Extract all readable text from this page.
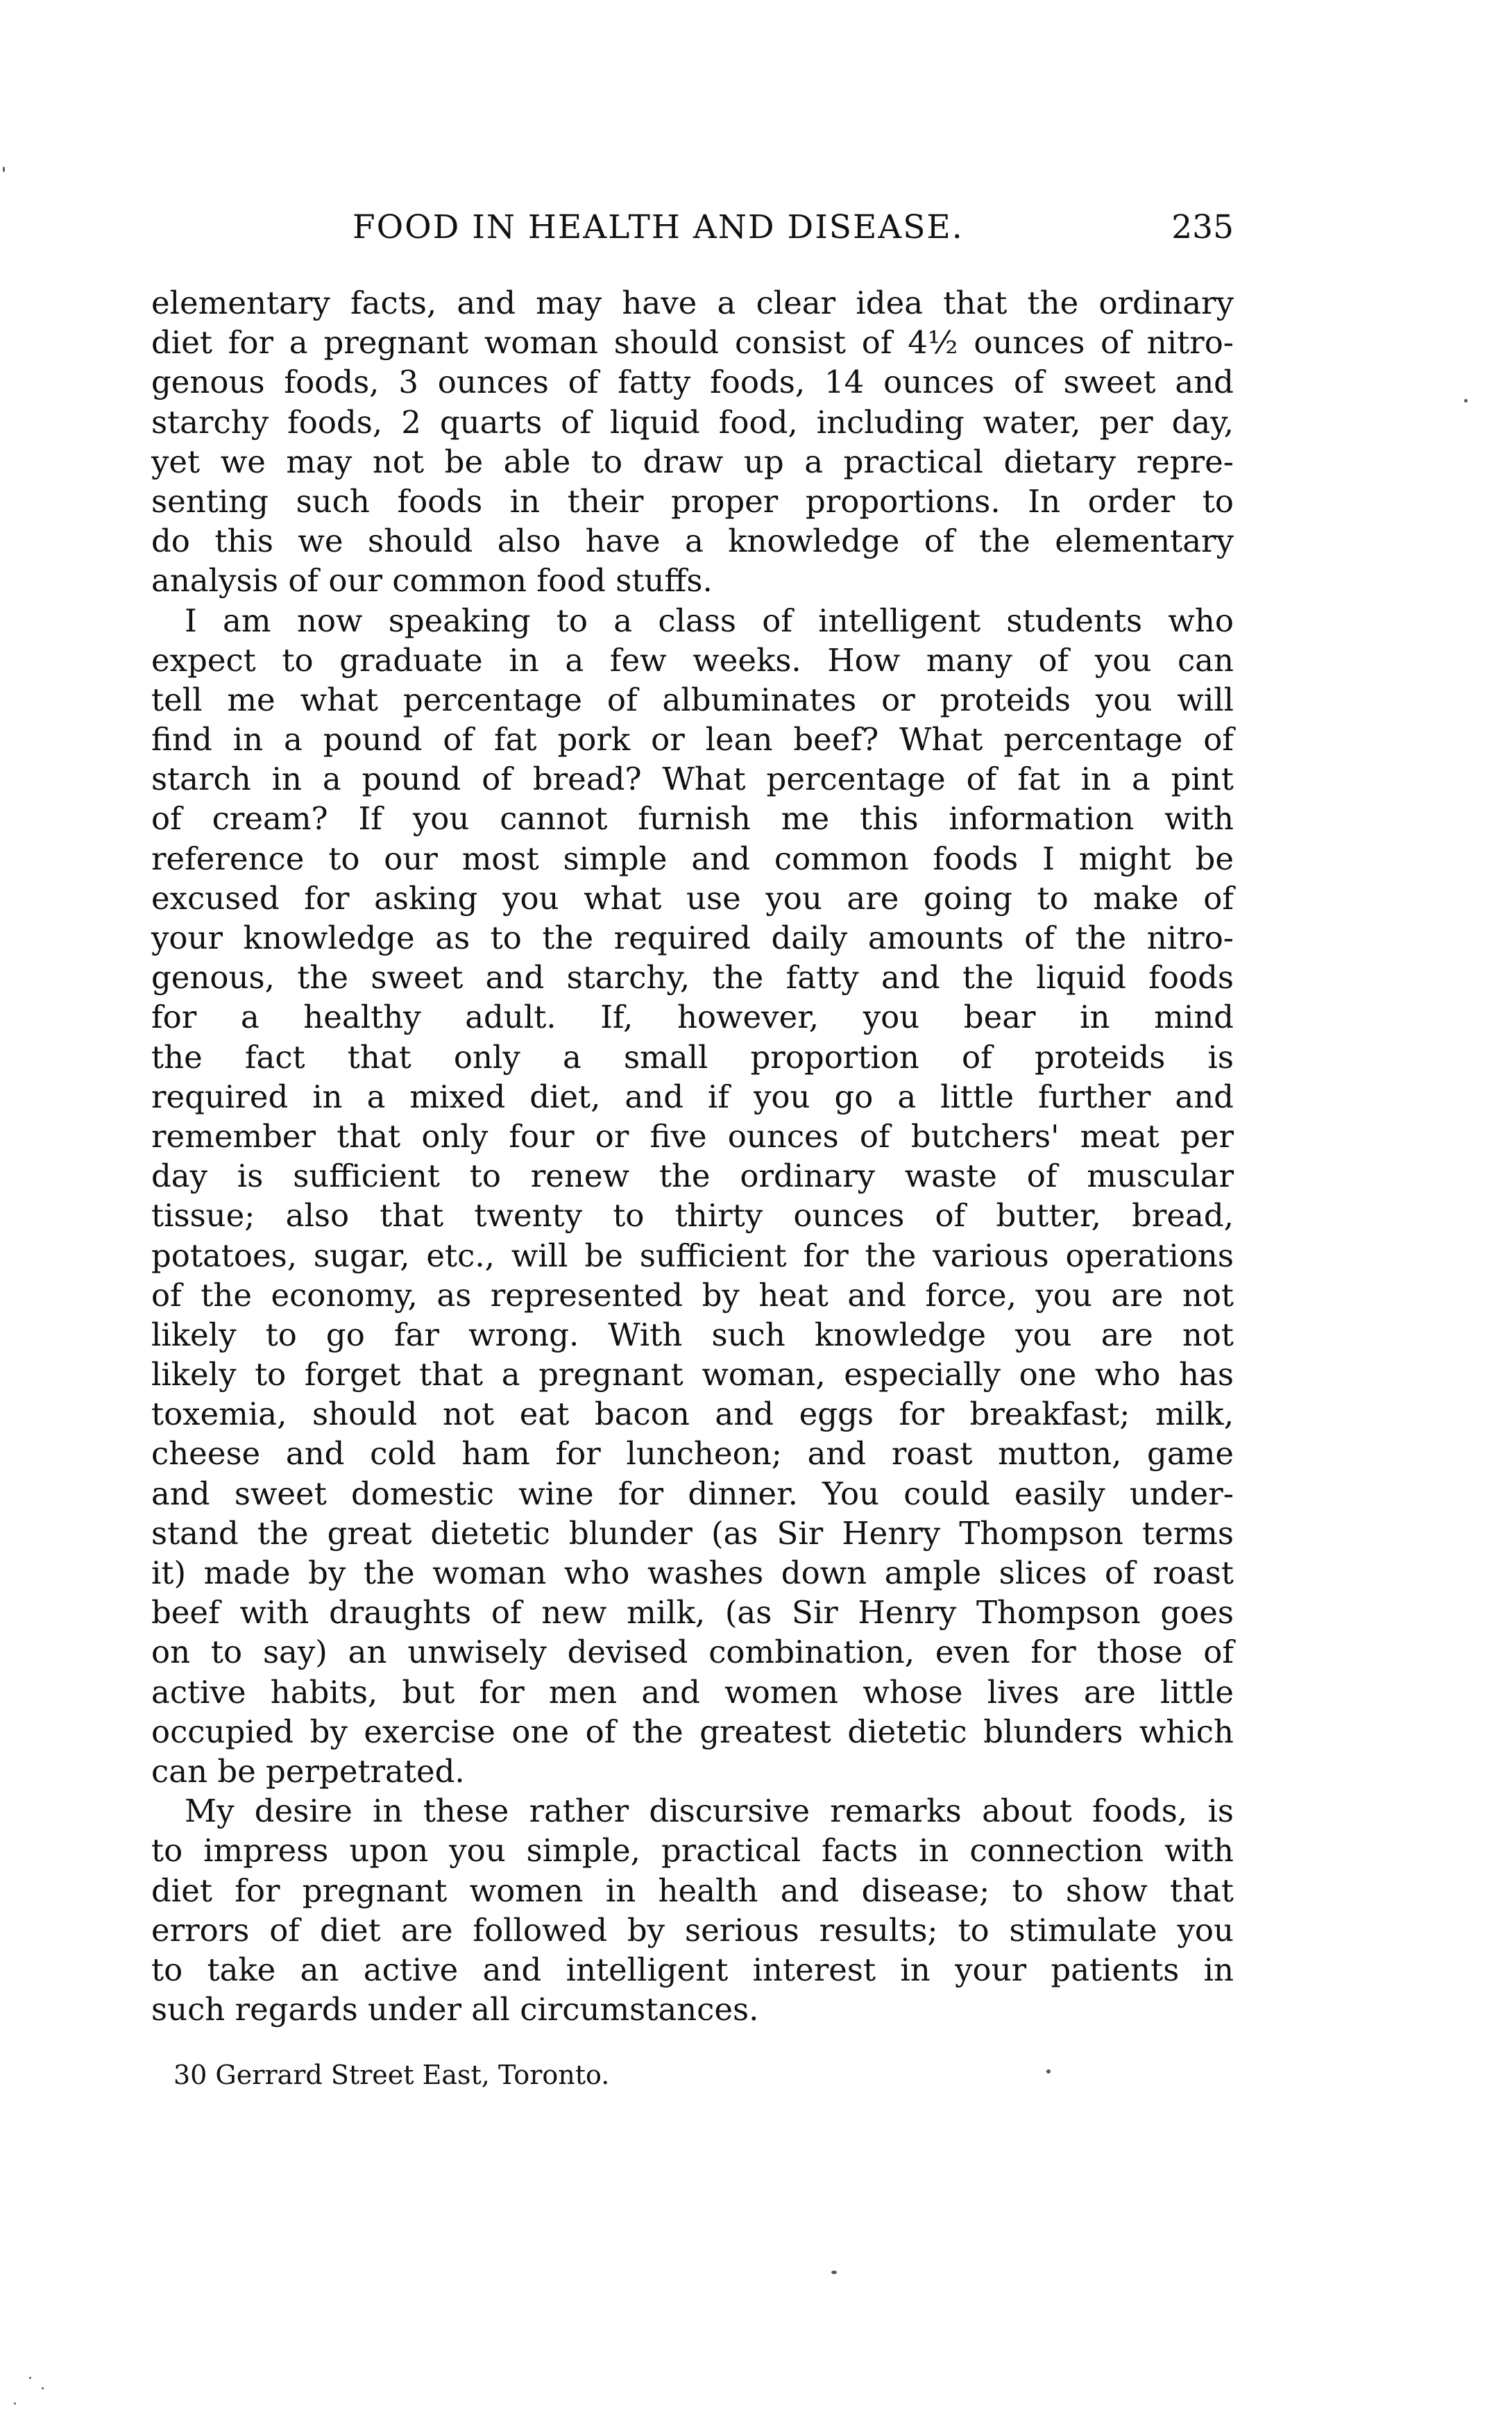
FOOD IN HEALTH AND DISEASE.	235
elementary facts, and may have a clear idea that the ordinary
diet for a pregnant woman should consist of 4½ ounces of nitro-
genous foods, 3 ounces of fatty foods, 14 ounces of sweet and
starchy foods, 2 quarts of liquid food, including water, per day,
yet we may not be able to draw up a practical dietary repre-
senting such foods in their proper proportions. In order to
do this we should also have a knowledge of the elementary
analysis of our common food stuffs.
I am now speaking to a class of intelligent students who
expect to graduate in a few weeks. How many of you can
tell me what percentage of albuminates or proteids you will
find in a pound of fat pork or lean beef? What percentage of
starch in a pound of bread? What percentage of fat in a pint
of cream? If you cannot furnish me this information with
reference to our most simple and common foods I might be
excused for asking you what use you are going to make of
your knowledge as to the required daily amounts of the nitro-
genous, the sweet and starchy, the fatty and the liquid foods
for a healthy adult. If, however, you bear in mind
the fact that only a small proportion of proteids is
required in a mixed diet, and if you go a little further and
remember that only four or five ounces of butchers' meat per
day is sufficient to renew the ordinary waste of muscular
tissue; also that twenty to thirty ounces of butter, bread,
potatoes, sugar, etc., will be sufficient for the various operations
of the economy, as represented by heat and force, you are not
likely to go far wrong. With such knowledge you are not
likely to forget that a pregnant woman, especially one who has
toxemia, should not eat bacon and eggs for breakfast; milk,
cheese and cold ham for luncheon; and roast mutton, game
and sweet domestic wine for dinner. You could easily under-
stand the great dietetic blunder (as Sir Henry Thompson terms
it) made by the woman who washes down ample slices of roast
beef with draughts of new milk, (as Sir Henry Thompson goes
on to say) an unwisely devised combination, even for those of
active habits, but for men and women whose lives are little
occupied by exercise one of the greatest dietetic blunders which
can be perpetrated.
My desire in these rather discursive remarks about foods, is
to impress upon you simple, practical facts in connection with
diet for pregnant women in health and disease; to show that
errors of diet are followed by serious results; to stimulate you
to take an active and intelligent interest in your patients in
such regards under all circumstances.
30 Gerrard Street East, Toronto.
